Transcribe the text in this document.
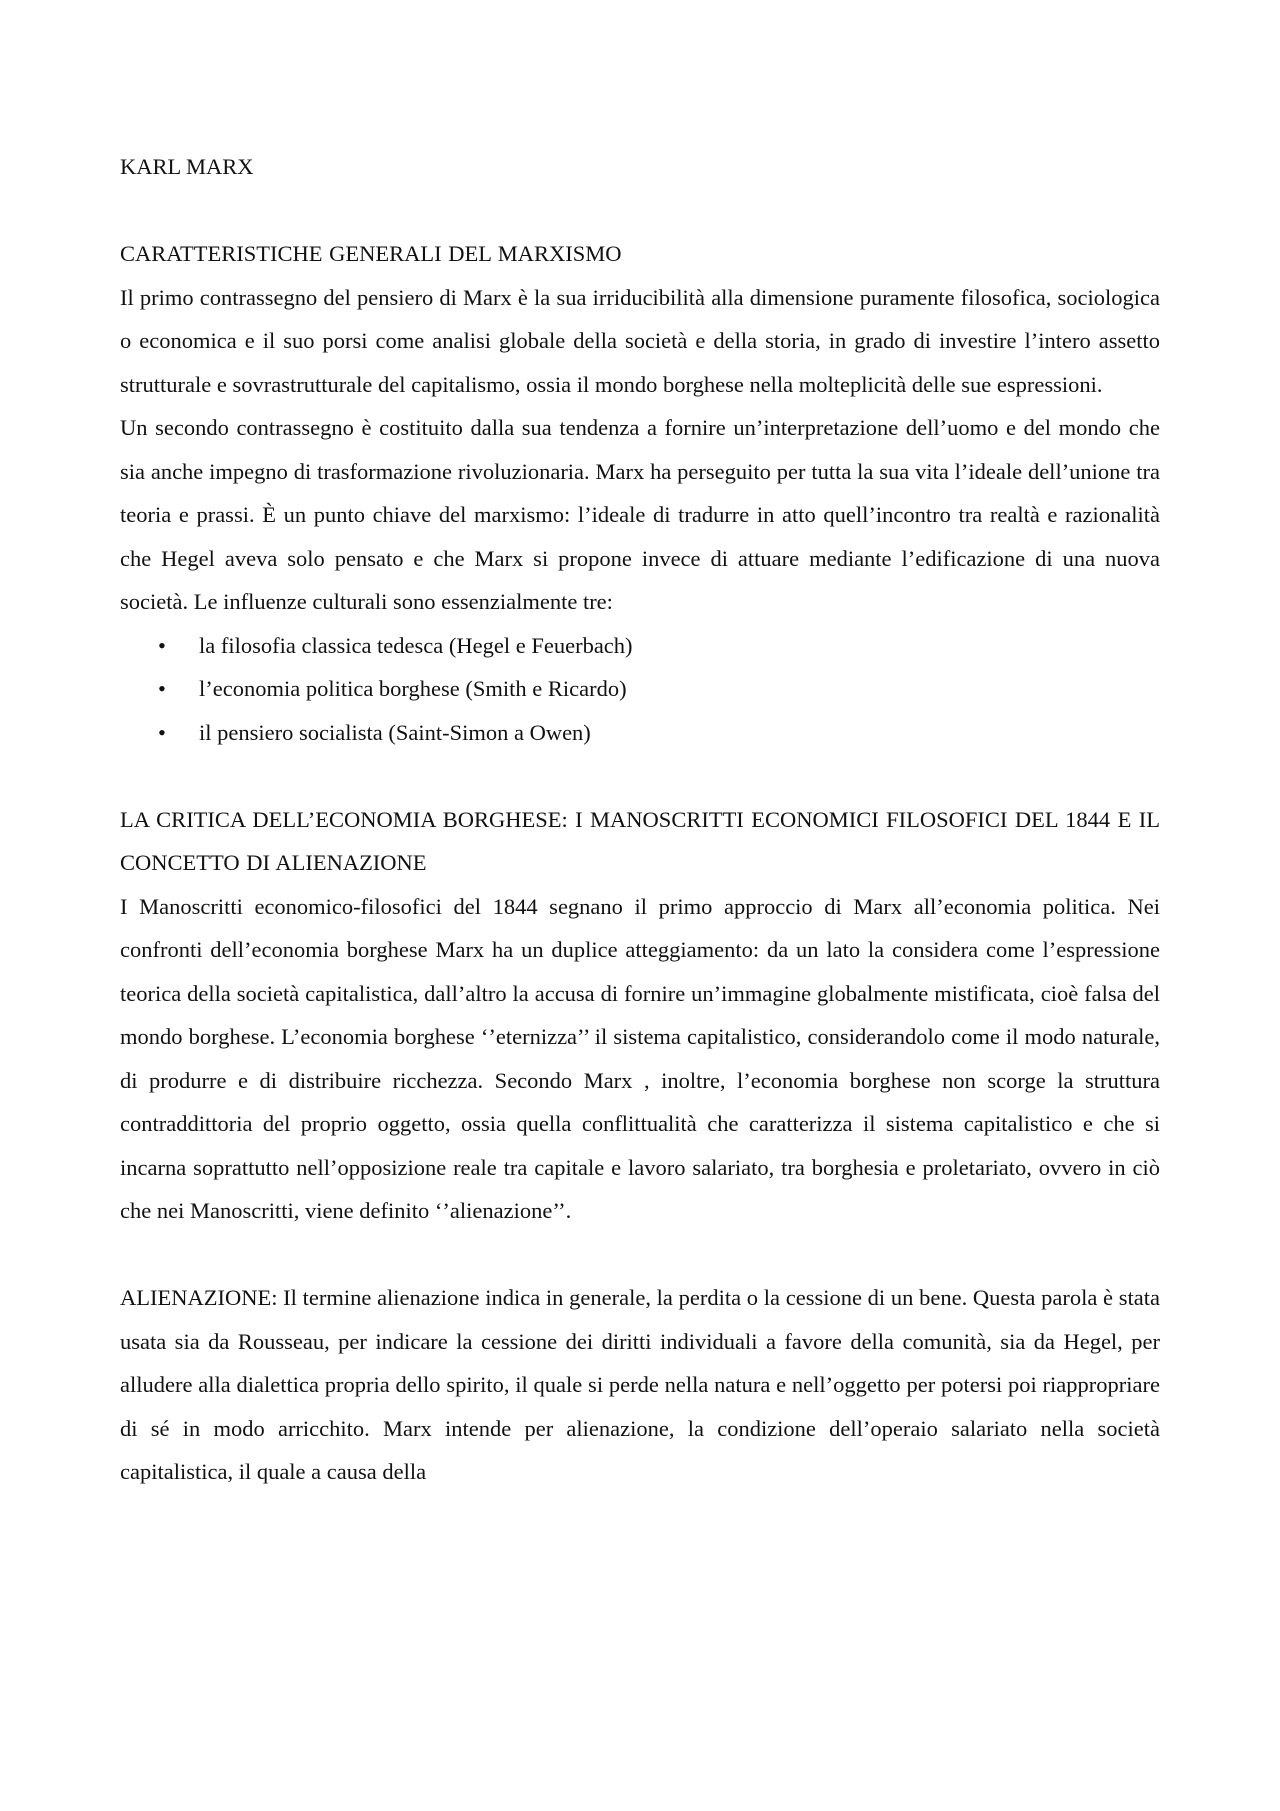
KARL MARX
CARATTERISTICHE GENERALI DEL MARXISMO

Il primo contrassegno del pensiero di Marx è la sua irriducibilità alla dimensione puramente filosofica, sociologica o economica e il suo porsi come analisi globale della società e della storia, in grado di investire l’intero assetto strutturale e sovrastrutturale del capitalismo, ossia il mondo borghese nella molteplicità delle sue espressioni.

Un secondo contrassegno è costituito dalla sua tendenza a fornire un’interpretazione dell’uomo e del mondo che sia anche impegno di trasformazione rivoluzionaria. Marx ha perseguito per tutta la sua vita l’ideale dell’unione tra teoria e prassi. È un punto chiave del marxismo: l’ideale di tradurre in atto quell’incontro tra realtà e razionalità che Hegel aveva solo pensato e che Marx si propone invece di attuare mediante l’edificazione di una nuova società. Le influenze culturali sono essenzialmente tre:

• la filosofia classica tedesca (Hegel e Feuerbach)
• l’economia politica borghese (Smith e Ricardo)
• il pensiero socialista (Saint-Simon a Owen)
LA CRITICA DELL’ECONOMIA BORGHESE: I MANOSCRITTI ECONOMICI FILOSOFICI DEL 1844 E IL CONCETTO DI ALIENAZIONE

I Manoscritti economico-filosofici del 1844 segnano il primo approccio di Marx all’economia politica. Nei confronti dell’economia borghese Marx ha un duplice atteggiamento: da un lato la considera come l’espressione teorica della società capitalistica, dall’altro la accusa di fornire un’immagine globalmente mistificata, cioè falsa del mondo borghese. L’economia borghese ‘’eternizza’’ il sistema capitalistico, considerandolo come il modo naturale, di produrre e di distribuire ricchezza. Secondo Marx , inoltre, l’economia borghese non scorge la struttura contraddittoria del proprio oggetto, ossia quella conflittualità che caratterizza il sistema capitalistico e che si incarna soprattutto nell’opposizione reale tra capitale e lavoro salariato, tra borghesia e proletariato, ovvero in ciò che nei Manoscritti, viene definito ‘’alienazione’’.

ALIENAZIONE: Il termine alienazione indica in generale, la perdita o la cessione di un bene. Questa parola è stata usata sia da Rousseau, per indicare la cessione dei diritti individuali a favore della comunità, sia da Hegel, per alludere alla dialettica propria dello spirito, il quale si perde nella natura e nell’oggetto per potersi poi riappropriare di sé in modo arricchito. Marx intende per alienazione, la condizione dell’operaio salariato nella società capitalistica, il quale a causa della
